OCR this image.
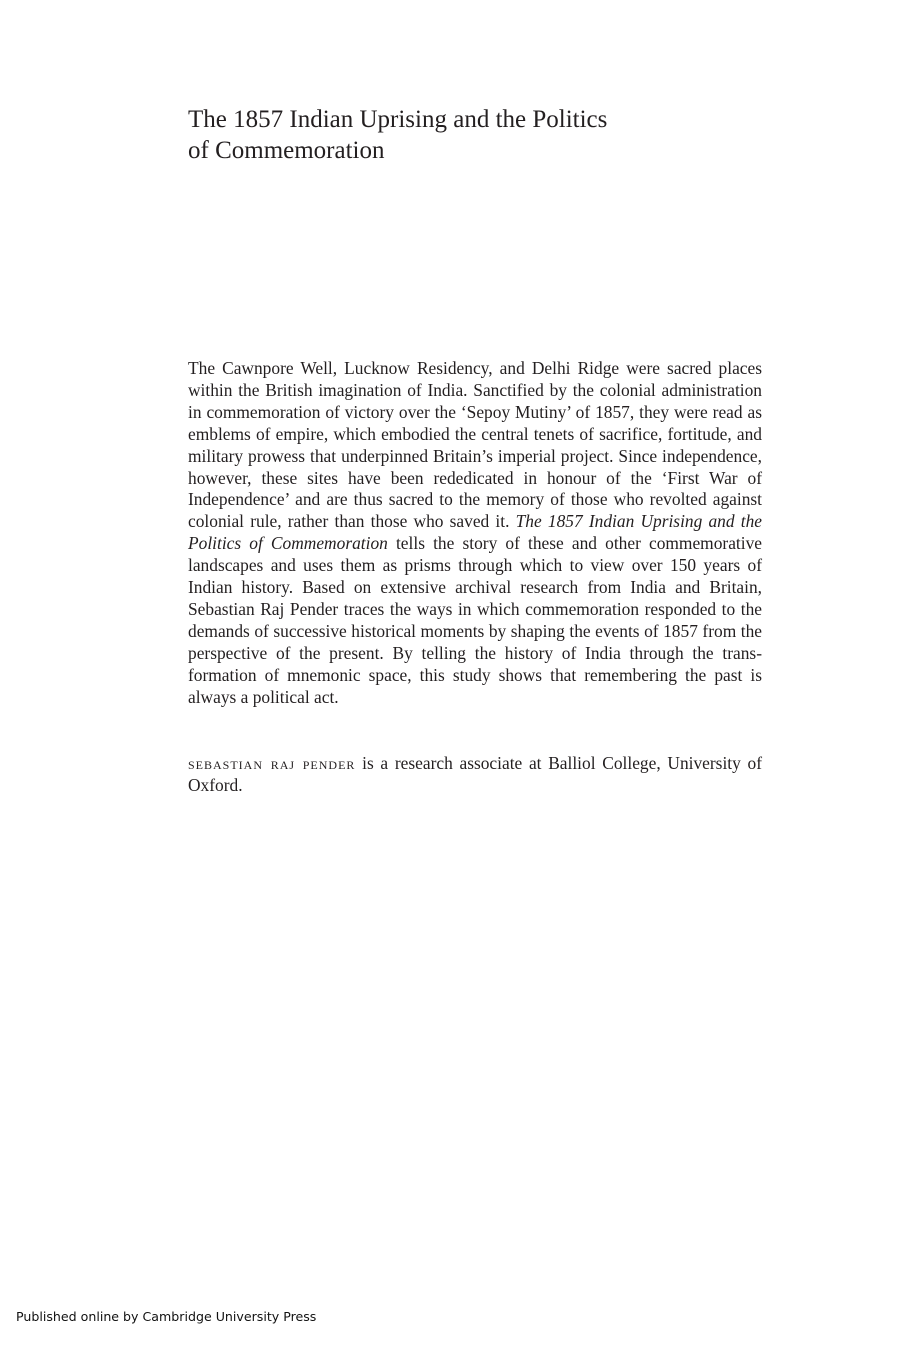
The 1857 Indian Uprising and the Politics
of Commemoration

The Cawnpore Well, Lucknow Residency, and Delhi Ridge were sacred places within the British imagination of India. Sanctified by the colonial administration in commemoration of victory over the ‘Sepoy Mutiny’ of 1857, they were read as emblems of empire, which embodied the central tenets of sacrifice, fortitude, and military prowess that underpinned Britain’s imperial project. Since independence, however, these sites have been rededicated in honour of the ‘First War of Independence’ and are thus sacred to the memory of those who revolted against colonial rule, rather than those who saved it. The 1857 Indian Uprising and the Politics of Commemoration tells the story of these and other commemorative landscapes and uses them as prisms through which to view over 150 years of Indian history. Based on extensive archival research from India and Britain, Sebastian Raj Pender traces the ways in which commemoration responded to the demands of successive historical moments by shaping the events of 1857 from the perspective of the present. By telling the history of India through the transformation of mnemonic space, this study shows that remembering the past is always a political act.

sebastian raj pender is a research associate at Balliol College, University of Oxford.

Published online by Cambridge University Press
